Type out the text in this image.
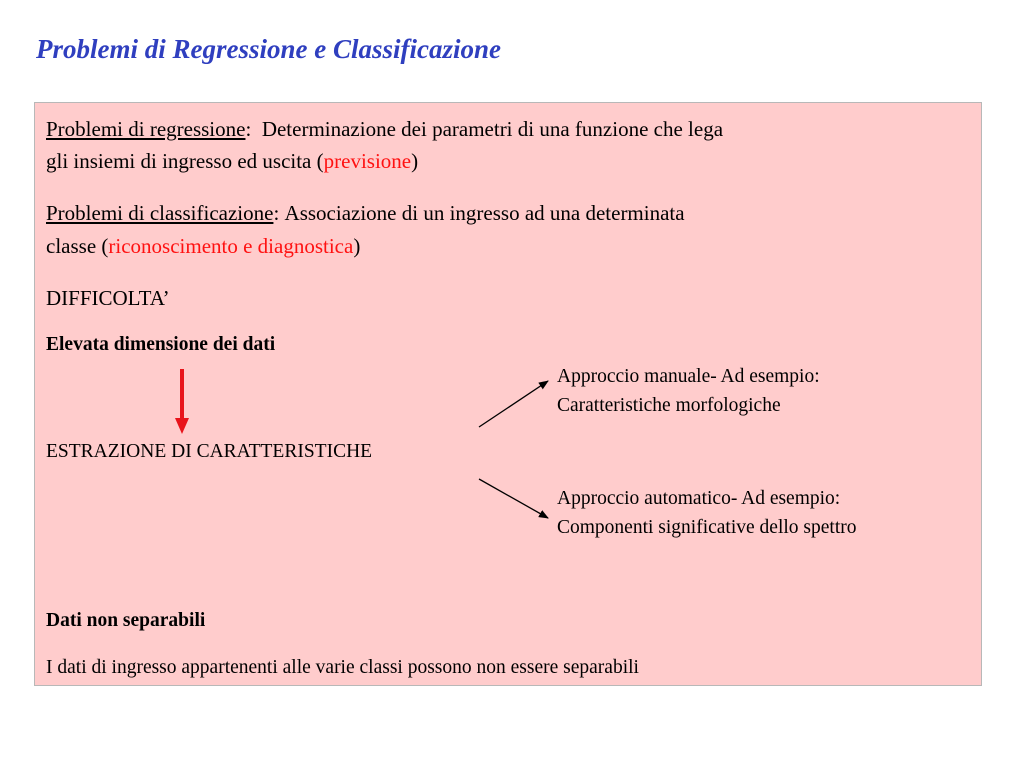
Problemi di Regressione e Classificazione

Problemi di regressione: Determinazione dei parametri di una funzione che lega

gli insiemi di ingresso ed uscita (previsione)

Problemi di classificazione: Associazione di un ingresso ad una determinata

classe (riconoscimento e diagnostica)

DIFFICOLTA’

Elevata dimensione dei dati

Approccio manuale- Ad esempio:

Caratteristiche morfologiche

ESTRAZIONE DI CARATTERISTICHE

Approccio automatico- Ad esempio:

Componenti significative dello spettro

Dati non separabili

I dati di ingresso appartenenti alle varie classi possono non essere separabili
